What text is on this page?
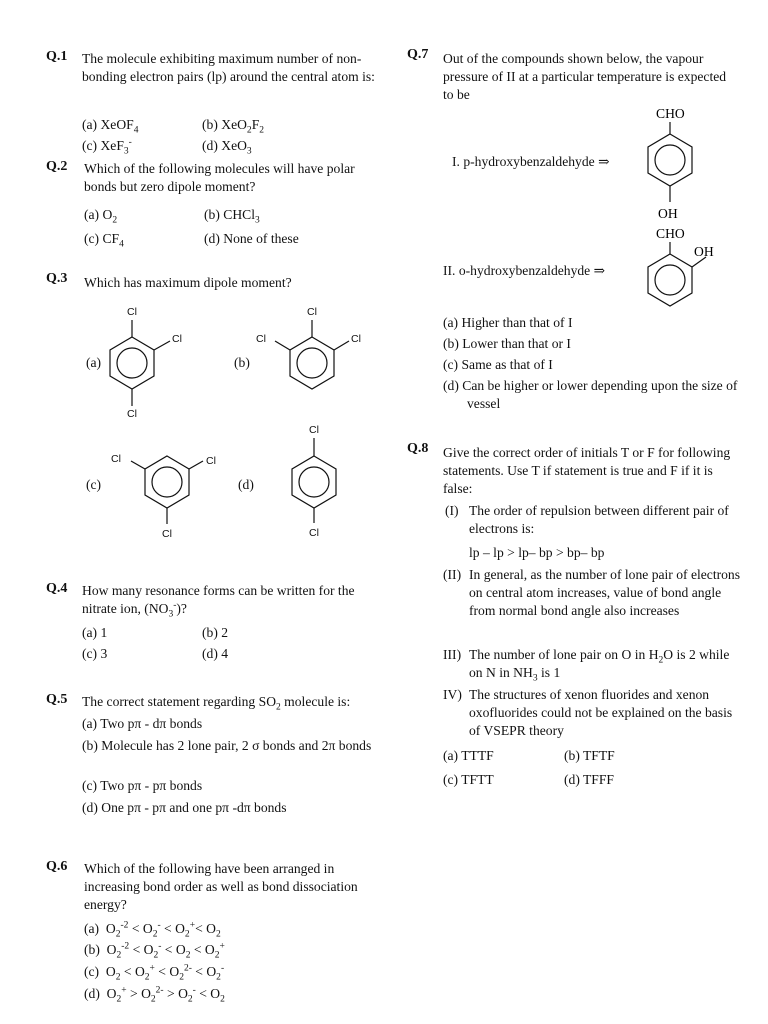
Q.1 The molecule exhibiting maximum number of non-bonding electron pairs (lp) around the central atom is:
(a) XeOF$_4$	(b) $XeO_2F_2$
(c) XeF$_3$-	(d) XeO$_3$
Q.2 Which of the following molecules will have polar bonds but zero dipole moment?
(a) $O_2$	(b) CHCl$_3$
(c) $CF_4$	(d) None of these
Q.3 Which has maximum dipole moment?
(a)	(b)
(c)	(d)
Cl
Cl
Cl
Cl
Cl
Cl
Cl	Cl
Cl
Cl
Cl
Q.4 How many resonance forms can be written for the nitrate ion, $(NO_3^-)$?
(a) 1	(b) 2
(c) 3	(d) 4
Q.5 The correct statement regarding $SO_2$ molecule is:
(a) Two pπ - dπ bonds
(b) Molecule has 2 lone pair, 2 σ bonds and 2π bonds
(c) Two pπ - pπ bonds
(d) One pπ - pπ and one pπ -dπ bonds
Q.6 Which of the following have been arranged in increasing bond order as well as bond dissociation energy?
(a)  $O_2^{-2} < O_2^- < O_2^+< O_2$
(b)  $O_2^{-2} < O_2^- < O_2 < O_2^+$
(c)  $O_2 < O_2^+ < O_2^{2-} < O_2^-$
(d)  $O_2^+ > O_2^{2-} > O_2^- < O_2$
Q.7 Out of the compounds shown below, the vapour pressure of II at a particular temperature is expected to be
I. p-hydroxybenzaldehyde ⇒
CHO
OH
II. o-hydroxybenzaldehyde ⇒
CHO
OH
(a) Higher than that of I
(b) Lower than that or I
(c) Same as that of I
(d) Can be higher or lower depending upon the size of vessel
Q.8 Give the correct order of initials T or F for following statements. Use T if statement is true and F if it is false:
(I) The order of repulsion between different pair of electrons is:
lp – lp > lp– bp > bp– bp
(II) In general, as the number of lone pair of electrons on central atom increases, value of bond angle from normal bond angle also increases
III) The number of lone pair on O in $H_2O$ is 2 while on N in $NH_3$ is 1
IV) The structures of xenon fluorides and xenon oxofluorides could not be explained on the basis of VSEPR theory
(a) TTTF	(b) TFTF
(c) TFTT	(d) TFFF
